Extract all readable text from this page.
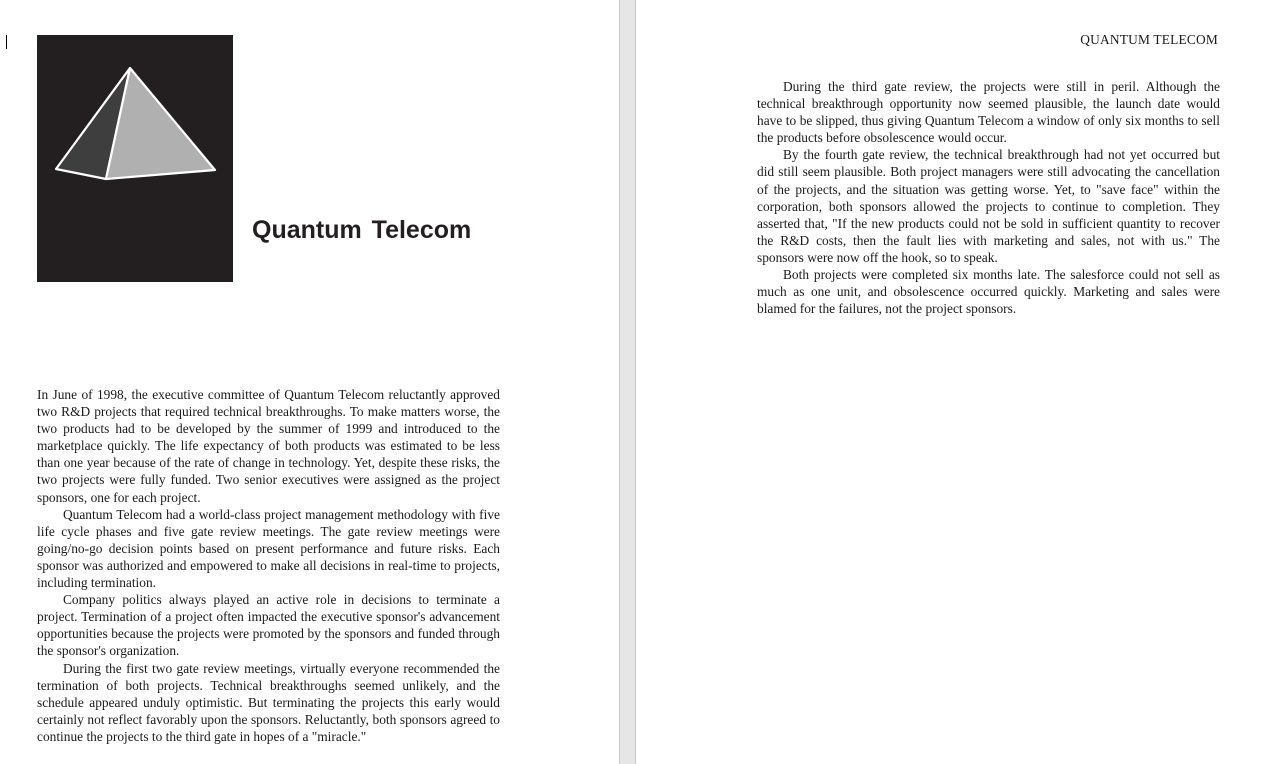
Quantum Telecom

In June of 1998, the executive committee of Quantum Telecom reluctantly approved two R&D projects that required technical breakthroughs. To make matters worse, the two products had to be developed by the summer of 1999 and introduced to the marketplace quickly. The life expectancy of both products was estimated to be less than one year because of the rate of change in technology. Yet, despite these risks, the two projects were fully funded. Two senior executives were assigned as the project sponsors, one for each project.

Quantum Telecom had a world-class project management methodology with five life cycle phases and five gate review meetings. The gate review meetings were going/no-go decision points based on present performance and future risks. Each sponsor was authorized and empowered to make all decisions in real-time to projects, including termination.

Company politics always played an active role in decisions to terminate a project. Termination of a project often impacted the executive sponsor's advancement opportunities because the projects were promoted by the sponsors and funded through the sponsor's organization.

During the first two gate review meetings, virtually everyone recommended the termination of both projects. Technical breakthroughs seemed unlikely, and the schedule appeared unduly optimistic. But terminating the projects this early would certainly not reflect favorably upon the sponsors. Reluctantly, both sponsors agreed to continue the projects to the third gate in hopes of a "miracle."

QUANTUM TELECOM

During the third gate review, the projects were still in peril. Although the technical breakthrough opportunity now seemed plausible, the launch date would have to be slipped, thus giving Quantum Telecom a window of only six months to sell the products before obsolescence would occur.

By the fourth gate review, the technical breakthrough had not yet occurred but did still seem plausible. Both project managers were still advocating the cancellation of the projects, and the situation was getting worse. Yet, to "save face" within the corporation, both sponsors allowed the projects to continue to completion. They asserted that, "If the new products could not be sold in sufficient quantity to recover the R&D costs, then the fault lies with marketing and sales, not with us." The sponsors were now off the hook, so to speak.

Both projects were completed six months late. The salesforce could not sell as much as one unit, and obsolescence occurred quickly. Marketing and sales were blamed for the failures, not the project sponsors.
